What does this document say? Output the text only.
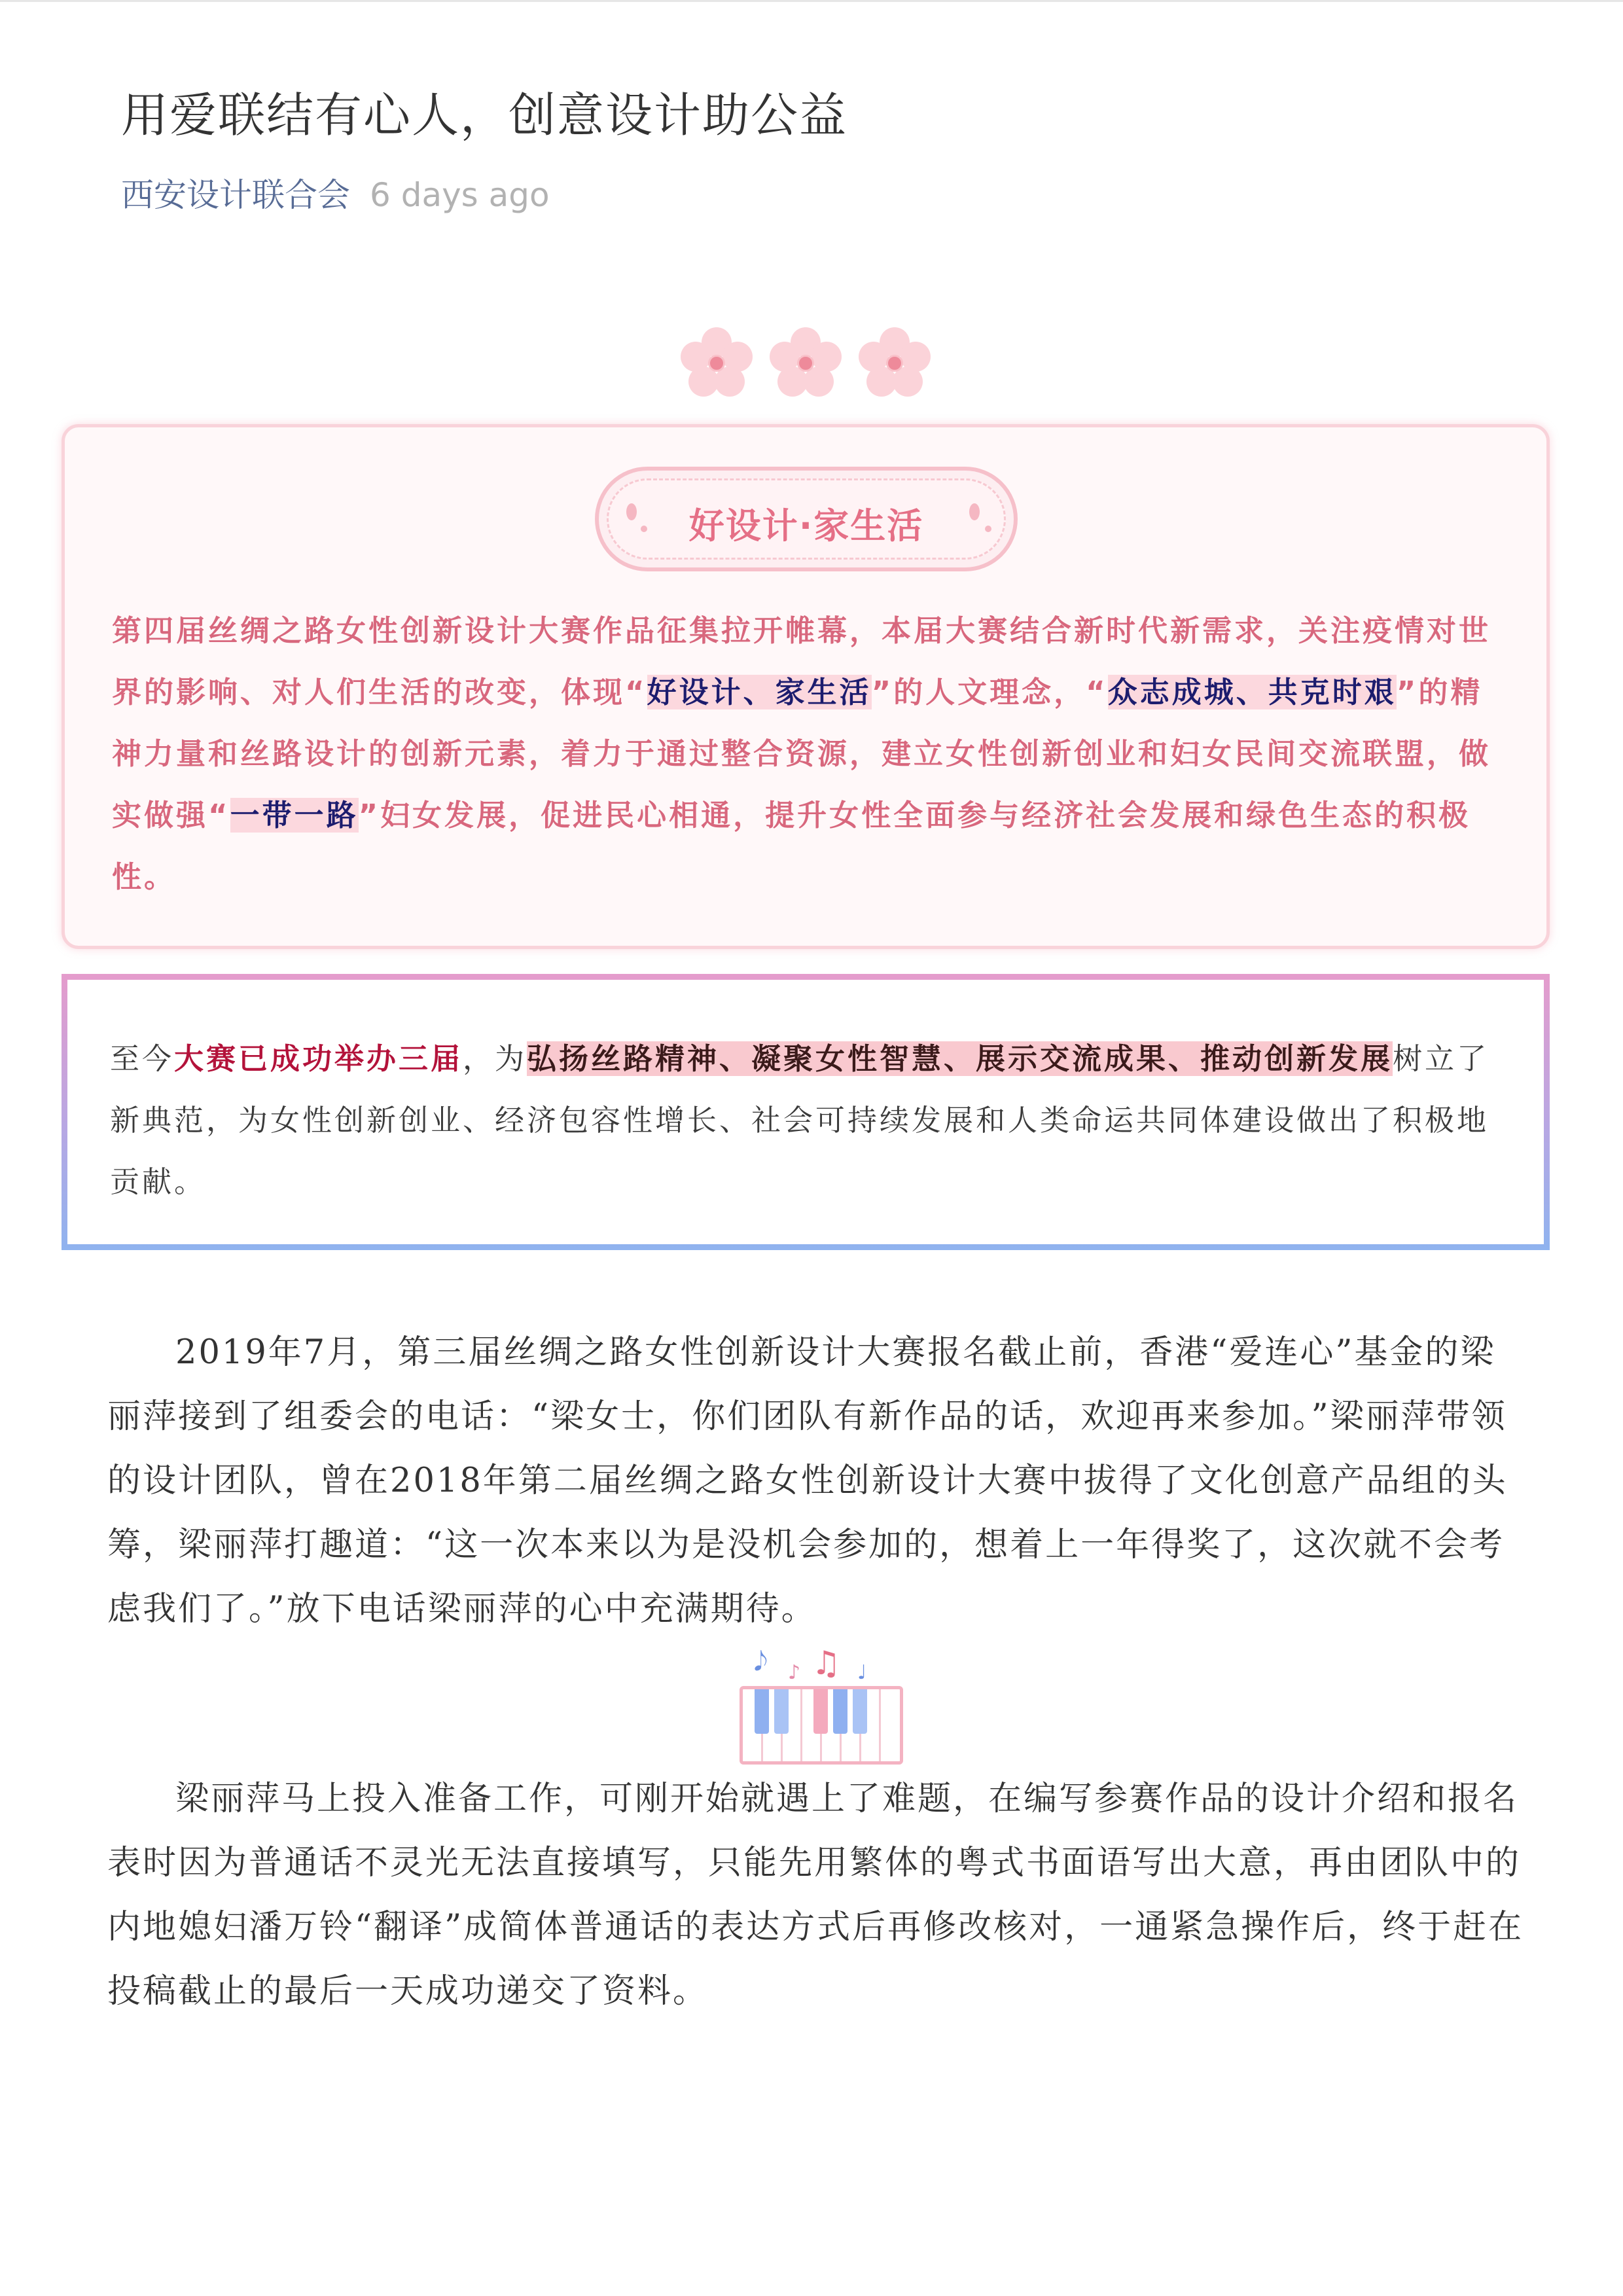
用爱联结有心人，创意设计助公益
西安设计联合会 6 days ago
好设计·家生活
第四届丝绸之路女性创新设计大赛作品征集拉开帷幕，本届大赛结合新时代新需求，关注疫情对世界的影响、对人们生活的改变，体现“好设计、家生活”的人文理念，“众志成城、共克时艰”的精神力量和丝路设计的创新元素，着力于通过整合资源，建立女性创新创业和妇女民间交流联盟，做实做强“一带一路”妇女发展，促进民心相通，提升女性全面参与经济社会发展和绿色生态的积极性。
至今大赛已成功举办三届，为弘扬丝路精神、凝聚女性智慧、展示交流成果、推动创新发展树立了新典范，为女性创新创业、经济包容性增长、社会可持续发展和人类命运共同体建设做出了积极地贡献。
2019年7月，第三届丝绸之路女性创新设计大赛报名截止前，香港“爱连心”基金的梁丽萍接到了组委会的电话：“梁女士，你们团队有新作品的话，欢迎再来参加。”梁丽萍带领的设计团队，曾在2018年第二届丝绸之路女性创新设计大赛中拔得了文化创意产品组的头筹，梁丽萍打趣道：“这一次本来以为是没机会参加的，想着上一年得奖了，这次就不会考虑我们了。”放下电话梁丽萍的心中充满期待。
𝅘𝅥𝅮 ♪ ♫ ♩
梁丽萍马上投入准备工作，可刚开始就遇上了难题，在编写参赛作品的设计介绍和报名表时因为普通话不灵光无法直接填写，只能先用繁体的粤式书面语写出大意，再由团队中的内地媳妇潘万铃“翻译”成简体普通话的表达方式后再修改核对，一通紧急操作后，终于赶在投稿截止的最后一天成功递交了资料。
